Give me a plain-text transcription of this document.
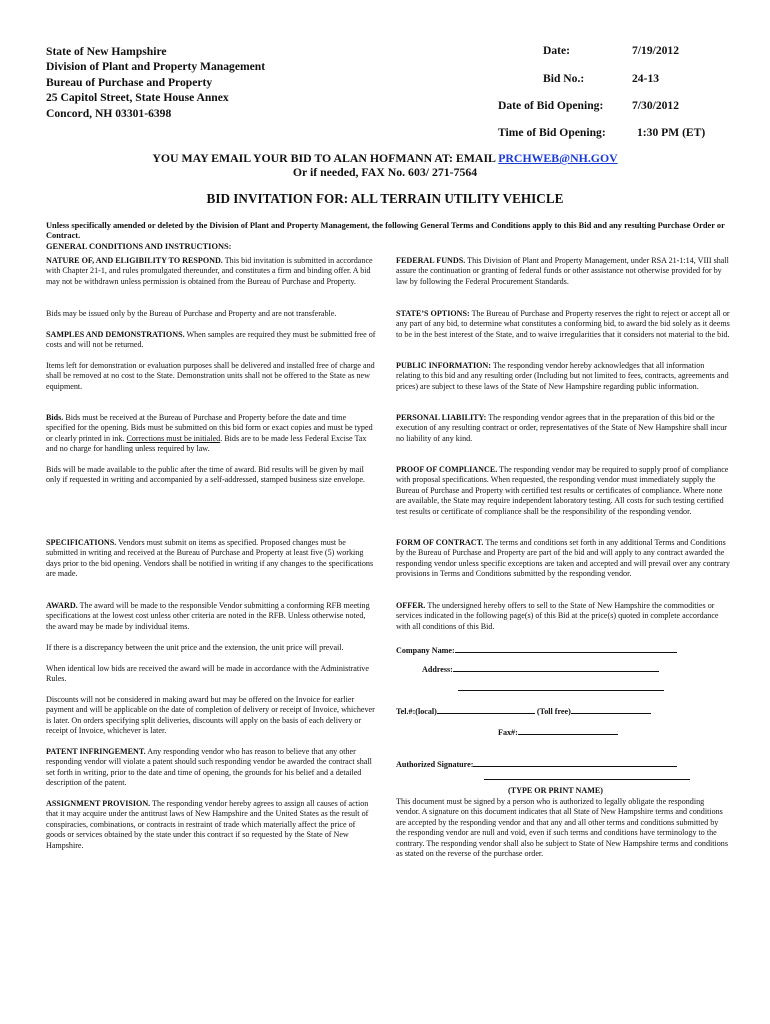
State of New Hampshire
Division of Plant and Property Management
Bureau of Purchase and Property
25 Capitol Street, State House Annex
Concord, NH 03301-6398
Date:	7/19/2012
Bid No.:	24-13
Date of Bid Opening: 7/30/2012
Time of Bid Opening:	1:30 PM (ET)
YOU MAY EMAIL YOUR BID TO ALAN HOFMANN AT: EMAIL PRCHWEB@NH.GOV
Or if needed, FAX No. 603/ 271-7564
BID INVITATION FOR: ALL TERRAIN UTILITY VEHICLE
Unless specifically amended or deleted by the Division of Plant and Property Management, the following General Terms and Conditions apply to this Bid and any resulting Purchase Order or Contract.
GENERAL CONDITIONS AND INSTRUCTIONS:

NATURE OF, AND ELIGIBILITY TO RESPOND. This bid invitation is submitted in accordance with Chapter 21-1, and rules promulgated thereunder, and constitutes a firm and binding offer. A bid may not be withdrawn unless permission is obtained from the Bureau of Purchase and Property.

Bids may be issued only by the Bureau of Purchase and Property and are not transferable.

SAMPLES AND DEMONSTRATIONS. When samples are required they must be submitted free of costs and will not be returned.

Items left for demonstration or evaluation purposes shall be delivered and installed free of charge and shall be removed at no cost to the State. Demonstration units shall not be offered to the State as new equipment.

Bids. Bids must be received at the Bureau of Purchase and Property before the date and time specified for the opening. Bids must be submitted on this bid form or exact copies and must be typed or clearly printed in ink. Corrections must be initialed. Bids are to be made less Federal Excise Tax and no charge for handling unless required by law.

Bids will be made available to the public after the time of award. Bid results will be given by mail only if requested in writing and accompanied by a self-addressed, stamped business size envelope.

SPECIFICATIONS. Vendors must submit on items as specified. Proposed changes must be submitted in writing and received at the Bureau of Purchase and Property at least five (5) working days prior to the bid opening. Vendors shall be notified in writing if any changes to the specifications are made.

AWARD. The award will be made to the responsible Vendor submitting a conforming RFB meeting specifications at the lowest cost unless other criteria are noted in the RFB. Unless otherwise noted, the award may be made by individual items.

If there is a discrepancy between the unit price and the extension, the unit price will prevail.
When identical low bids are received the award will be made in accordance with the Administrative Rules.
Discounts will not be considered in making award but may be offered on the Invoice for earlier payment and will be applicable on the date of completion of delivery or receipt of Invoice, whichever is later. On orders specifying split deliveries, discounts will apply on the basis of each delivery or receipt of Invoice, whichever is later.

PATENT INFRINGEMENT. Any responding vendor who has reason to believe that any other responding vendor will violate a patent should such responding vendor be awarded the contract shall set forth in writing, prior to the date and time of opening, the grounds for his belief and a detailed description of the patent.

ASSIGNMENT PROVISION. The responding vendor hereby agrees to assign all causes of action that it may acquire under the antitrust laws of New Hampshire and the United States as the result of conspiracies, combinations, or contracts in restraint of trade which materially affect the price of goods or services obtained by the state under this contract if so requested by the State of New Hampshire.

FEDERAL FUNDS. This Division of Plant and Property Management, under RSA 21-1:14, VIII shall assure the continuation or granting of federal funds or other assistance not otherwise provided for by law by following the Federal Procurement Standards.

STATE’S OPTIONS: The Bureau of Purchase and Property reserves the right to reject or accept all or any part of any bid, to determine what constitutes a conforming bid, to award the bid solely as it deems to be in the best interest of the State, and to waive irregularities that it considers not material to the bid.

PUBLIC INFORMATION: The responding vendor hereby acknowledges that all information relating to this bid and any resulting order (Including but not limited to fees, contracts, agreements and prices) are subject to these laws of the State of New Hampshire regarding public information.

PERSONAL LIABILITY: The responding vendor agrees that in the preparation of this bid or the execution of any resulting contract or order, representatives of the State of New Hampshire shall incur no liability of any kind.

PROOF OF COMPLIANCE. The responding vendor may be required to supply proof of compliance with proposal specifications. When requested, the responding vendor must immediately supply the Bureau of Purchase and Property with certified test results or certificates of compliance. Where none are available, the State may require independent laboratory testing. All costs for such testing certified test results or certificate of compliance shall be the responsibility of the responding vendor.

FORM OF CONTRACT. The terms and conditions set forth in any additional Terms and Conditions by the Bureau of Purchase and Property are part of the bid and will apply to any contract awarded the responding vendor unless specific exceptions are taken and accepted and will prevail over any contrary provisions in Terms and Conditions submitted by the responding vendor.

OFFER. The undersigned hereby offers to sell to the State of New Hampshire the commodities or services indicated in the following page(s) of this Bid at the price(s) quoted in complete accordance with all conditions of this Bid.

Company Name:
Address:
Tel.#:(local)	(Toll free)
Fax#:
Authorized Signature:
(TYPE OR PRINT NAME)
This document must be signed by a person who is authorized to legally obligate the responding vendor. A signature on this document indicates that all State of New Hampshire terms and conditions are accepted by the responding vendor and that any and all other terms and conditions submitted by the responding vendor are null and void, even if such terms and conditions have terminology to the contrary. The responding vendor shall also be subject to State of New Hampshire terms and conditions as stated on the reverse of the purchase order.
